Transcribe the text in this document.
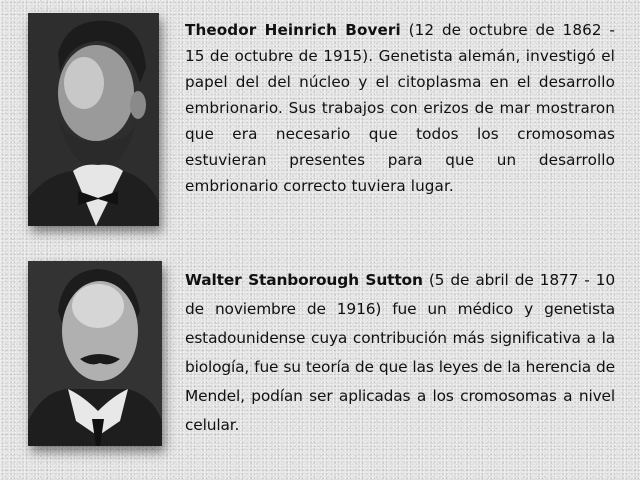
Theodor Heinrich Boveri (12 de octubre de 1862 - 15 de octubre de 1915). Genetista alemán, investigó el papel del del núcleo y el citoplasma en el desarrollo embrionario. Sus trabajos con erizos de mar mostraron que era necesario que todos los cromosomas estuvieran presentes para que un desarrollo embrionario correcto tuviera lugar.
Walter Stanborough Sutton (5 de abril de 1877 - 10 de noviembre de 1916) fue un médico y genetista estadounidense cuya contribución más significativa a la biología, fue su teoría de que las leyes de la herencia de Mendel, podían ser aplicadas a los cromosomas a nivel celular.
